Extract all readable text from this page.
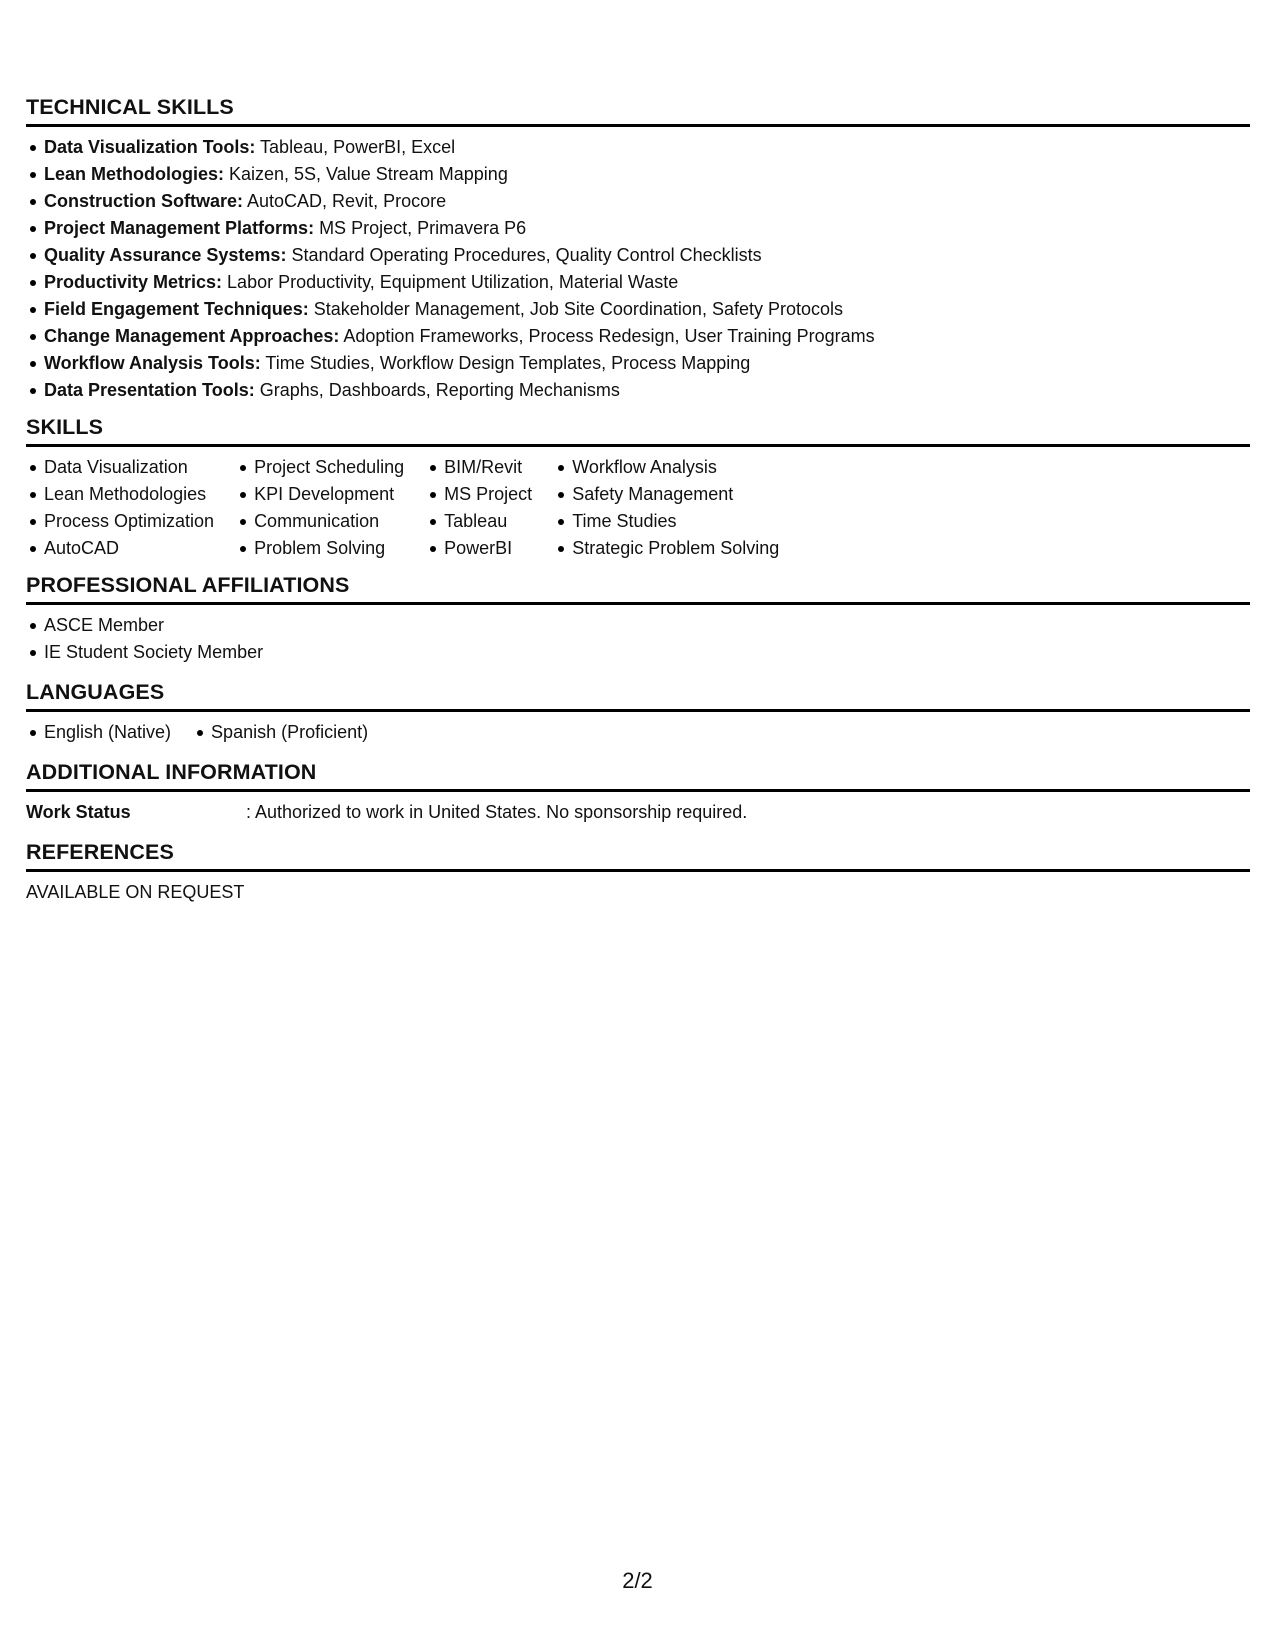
TECHNICAL SKILLS
Data Visualization Tools: Tableau, PowerBI, Excel
Lean Methodologies: Kaizen, 5S, Value Stream Mapping
Construction Software: AutoCAD, Revit, Procore
Project Management Platforms: MS Project, Primavera P6
Quality Assurance Systems: Standard Operating Procedures, Quality Control Checklists
Productivity Metrics: Labor Productivity, Equipment Utilization, Material Waste
Field Engagement Techniques: Stakeholder Management, Job Site Coordination, Safety Protocols
Change Management Approaches: Adoption Frameworks, Process Redesign, User Training Programs
Workflow Analysis Tools: Time Studies, Workflow Design Templates, Process Mapping
Data Presentation Tools: Graphs, Dashboards, Reporting Mechanisms
SKILLS
Data Visualization
Lean Methodologies
Process Optimization
AutoCAD
Project Scheduling
KPI Development
Communication
Problem Solving
BIM/Revit
MS Project
Tableau
PowerBI
Workflow Analysis
Safety Management
Time Studies
Strategic Problem Solving
PROFESSIONAL AFFILIATIONS
ASCE Member
IE Student Society Member
LANGUAGES
English (Native)	Spanish (Proficient)
ADDITIONAL INFORMATION
Work Status	: Authorized to work in United States. No sponsorship required.
REFERENCES
AVAILABLE ON REQUEST
2/2
